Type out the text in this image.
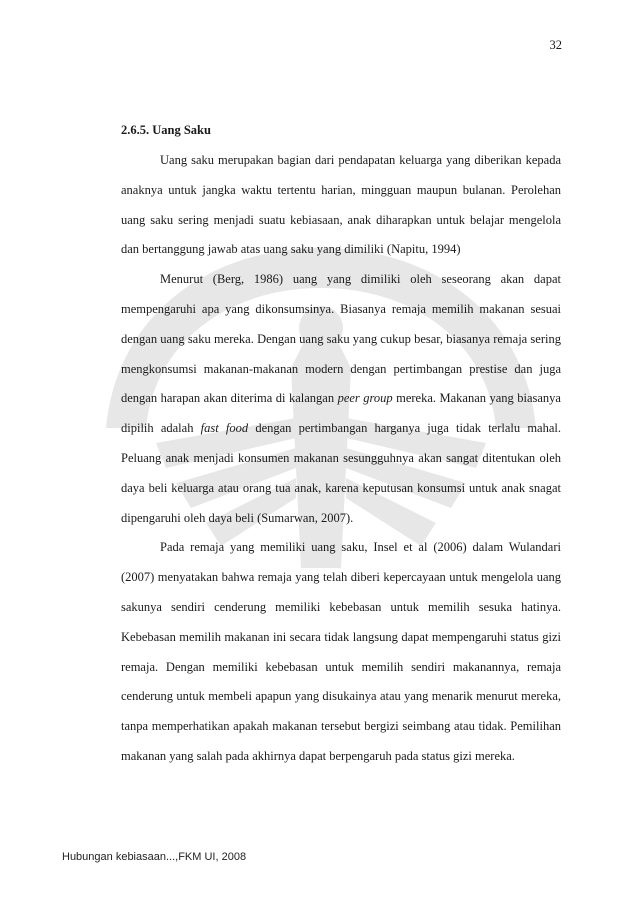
32
2.6.5. Uang Saku

Uang saku merupakan bagian dari pendapatan keluarga yang diberikan kepada anaknya untuk jangka waktu tertentu harian, mingguan maupun bulanan. Perolehan uang saku sering menjadi suatu kebiasaan, anak diharapkan untuk belajar mengelola dan bertanggung jawab atas uang saku yang dimiliki (Napitu, 1994)

Menurut (Berg, 1986) uang yang dimiliki oleh seseorang akan dapat mempengaruhi apa yang dikonsumsinya. Biasanya remaja memilih makanan sesuai dengan uang saku mereka. Dengan uang saku yang cukup besar, biasanya remaja sering mengkonsumsi makanan-makanan modern dengan pertimbangan prestise dan juga dengan harapan akan diterima di kalangan peer group mereka. Makanan yang biasanya dipilih adalah fast food dengan pertimbangan harganya juga tidak terlalu mahal. Peluang anak menjadi konsumen makanan sesungguhnya akan sangat ditentukan oleh daya beli keluarga atau orang tua anak, karena keputusan konsumsi untuk anak snagat dipengaruhi oleh daya beli (Sumarwan, 2007).

Pada remaja yang memiliki uang saku, Insel et al (2006) dalam Wulandari (2007) menyatakan bahwa remaja yang telah diberi kepercayaan untuk mengelola uang sakunya sendiri cenderung memiliki kebebasan untuk memilih sesuka hatinya. Kebebasan memilih makanan ini secara tidak langsung dapat mempengaruhi status gizi remaja. Dengan memiliki kebebasan untuk memilih sendiri makanannya, remaja cenderung untuk membeli apapun yang disukainya atau yang menarik menurut mereka, tanpa memperhatikan apakah makanan tersebut bergizi seimbang atau tidak. Pemilihan makanan yang salah pada akhirnya dapat berpengaruh pada status gizi mereka.

Hubungan kebiasaan...,FKM UI, 2008
